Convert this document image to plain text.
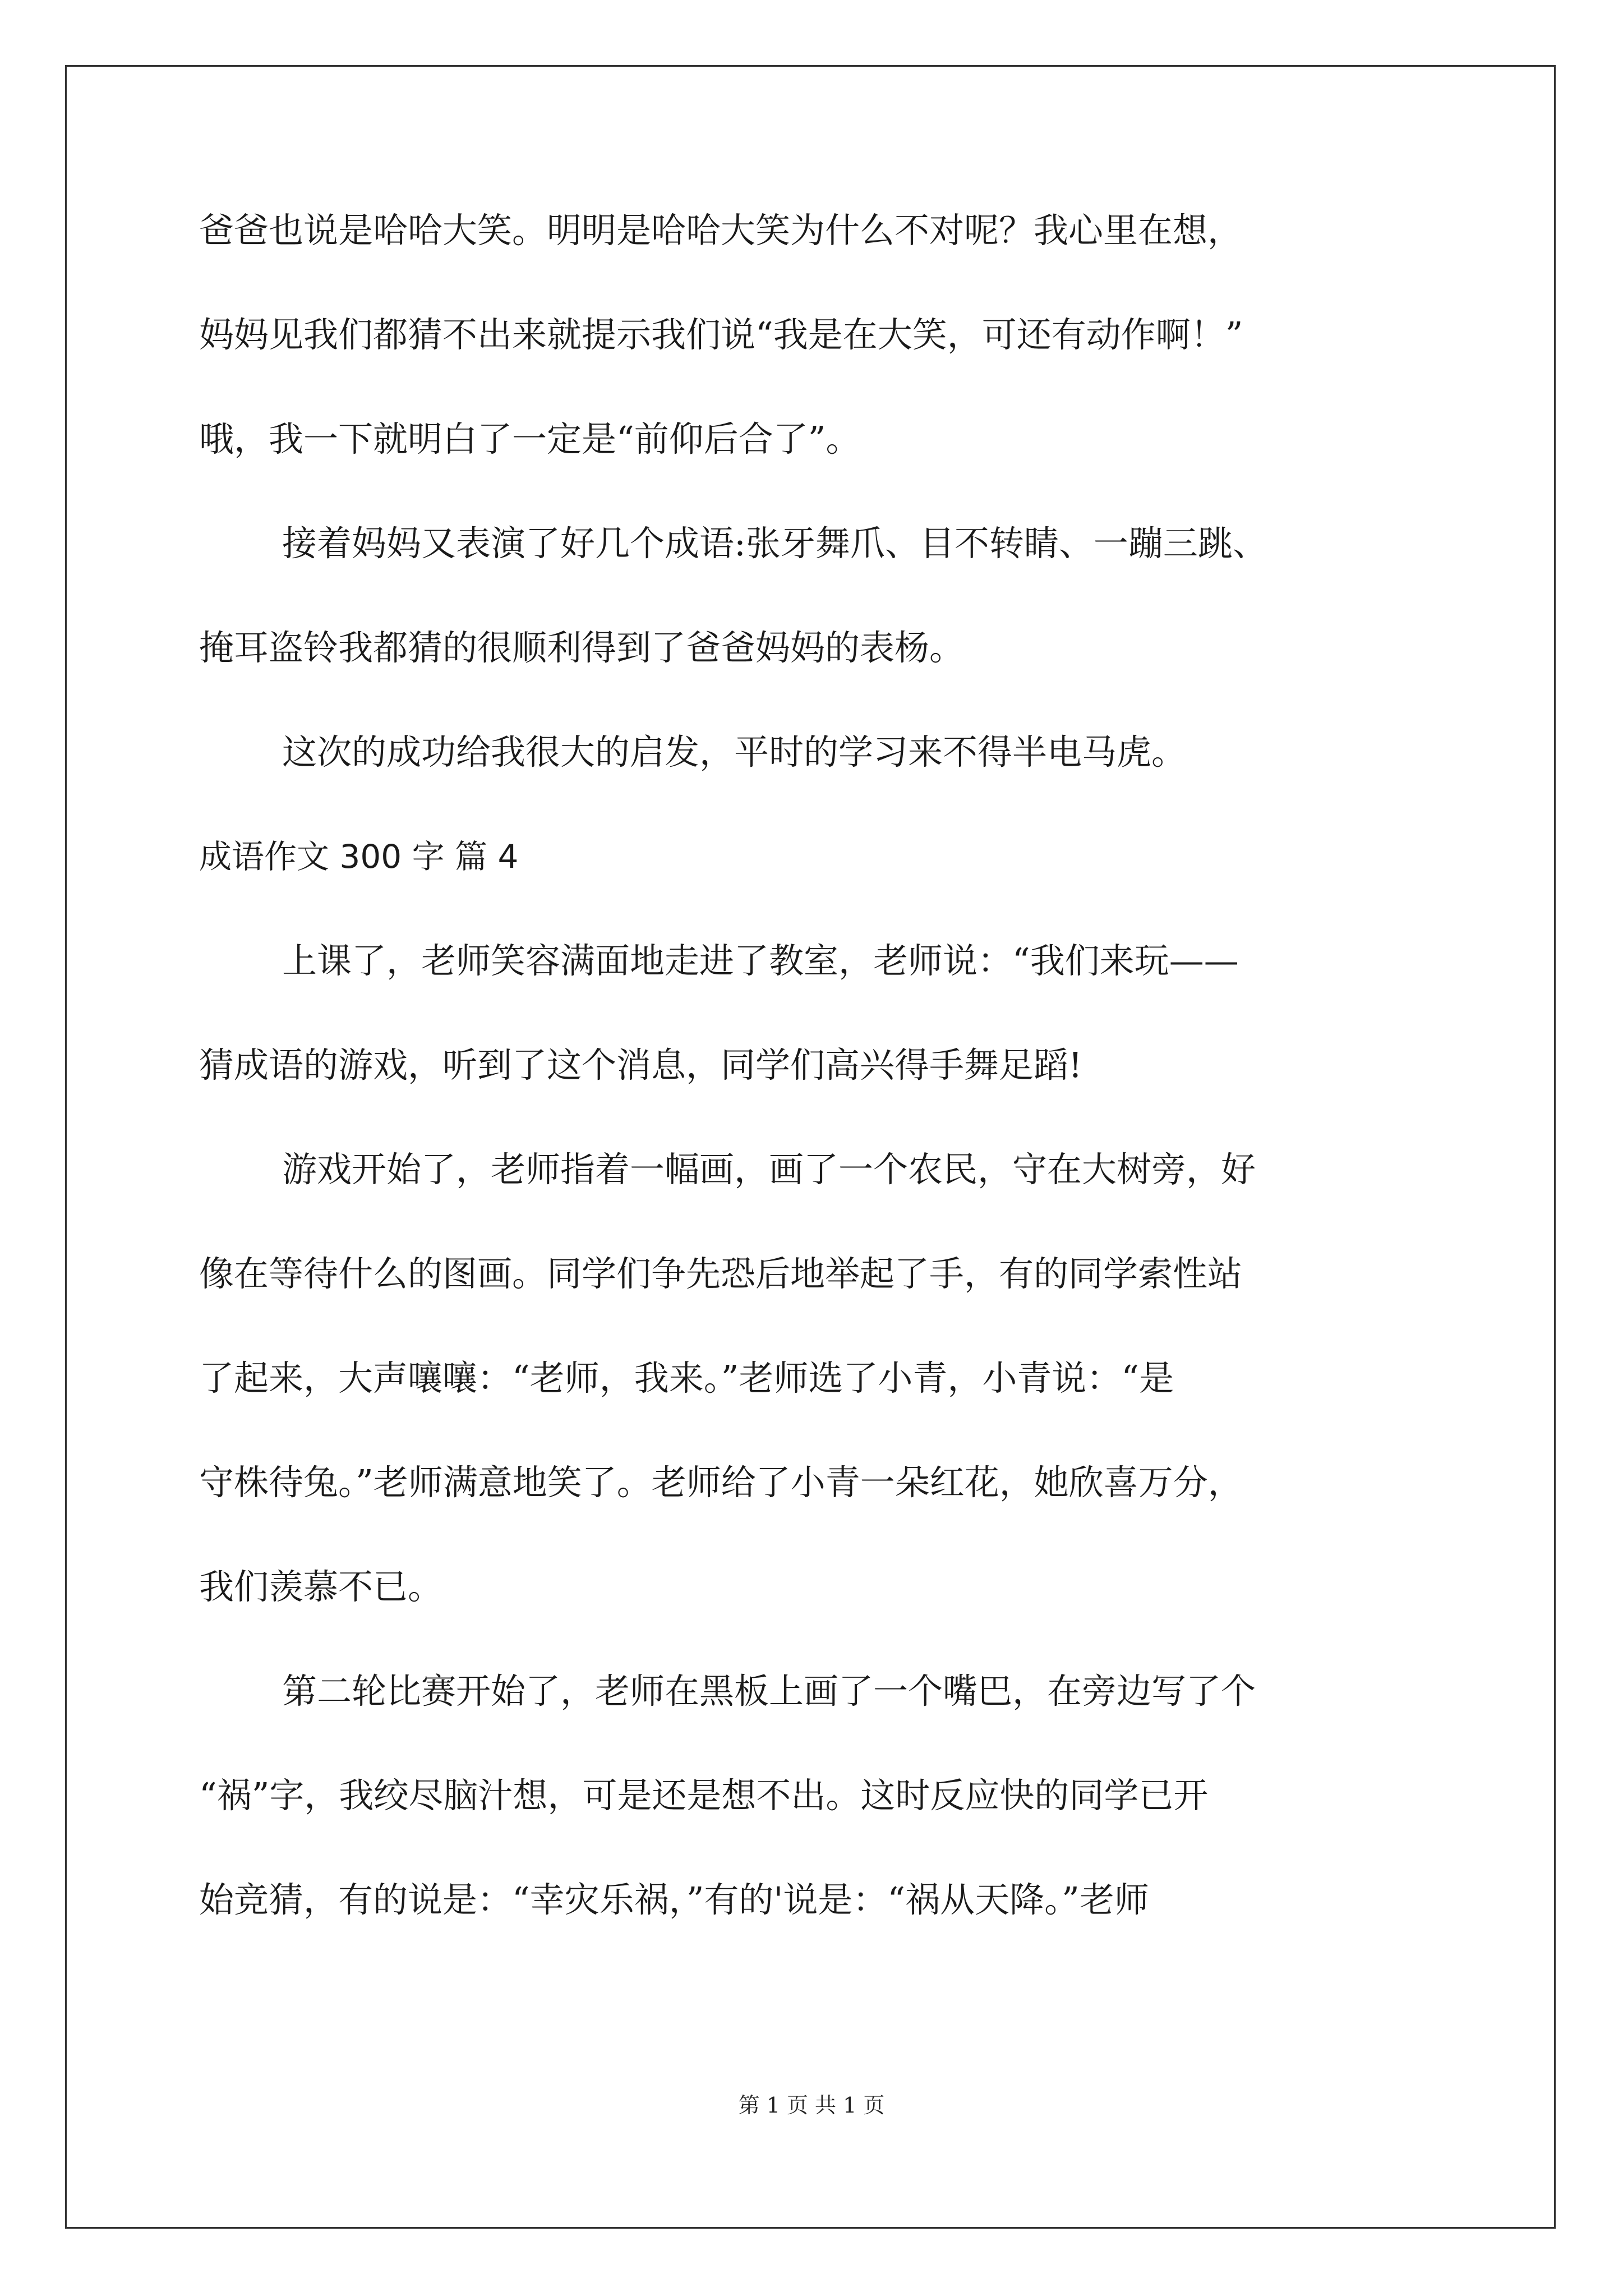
爸爸也说是哈哈大笑。明明是哈哈大笑为什么不对呢？我心里在想，
妈妈见我们都猜不出来就提示我们说“我是在大笑，可还有动作啊！”
哦，我一下就明白了一定是“前仰后合了”。
接着妈妈又表演了好几个成语:张牙舞爪、目不转睛、一蹦三跳、
掩耳盗铃我都猜的很顺利得到了爸爸妈妈的表杨。
这次的成功给我很大的启发，平时的学习来不得半电马虎。
成语作文 300 字 篇 4
上课了，老师笑容满面地走进了教室，老师说：“我们来玩——
猜成语的游戏，听到了这个消息，同学们高兴得手舞足蹈!
游戏开始了，老师指着一幅画，画了一个农民，守在大树旁，好
像在等待什么的图画。同学们争先恐后地举起了手，有的同学索性站
了起来，大声嚷嚷：“老师，我来。”老师选了小青，小青说：“是
守株待兔。”老师满意地笑了。老师给了小青一朵红花，她欣喜万分，
我们羡慕不已。
第二轮比赛开始了，老师在黑板上画了一个嘴巴，在旁边写了个
“祸”字，我绞尽脑汁想，可是还是想不出。这时反应快的同学已开
始竞猜，有的说是：“幸灾乐祸，”有的'说是：“祸从天降。”老师
第 1 页 共 1 页
